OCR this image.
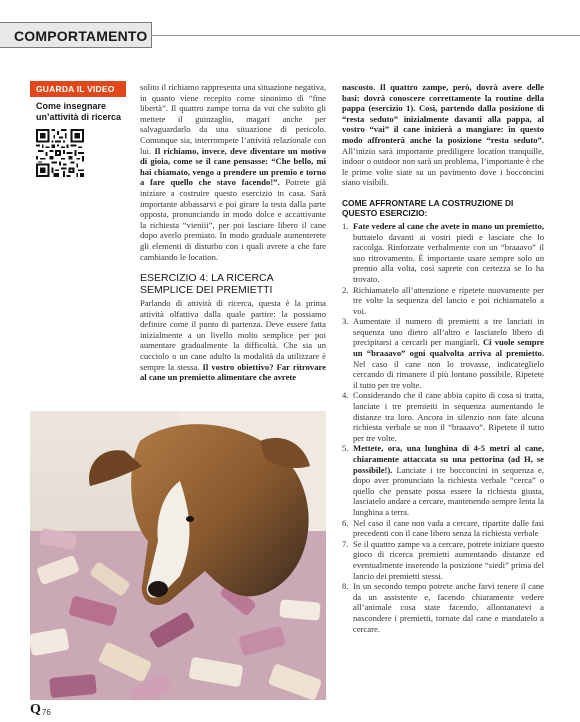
COMPORTAMENTO
GUARDA IL VIDEO
Come insegnare
un’attività di ricerca

solito il richiamo rappresenta una situazione negativa, in quanto viene recepito come sinonimo di “fine libertà”. Il quattro zampe torna da voi che subito gli mettete il guinzaglio, magari anche per salvaguardarlo da una situazione di pericolo. Comunque sia, interrompete l’attività relazionale con lui. Il richiamo, invece, deve diventare un motivo di gioia, come se il cane pensasse: “Che bello, mi hai chiamato, vengo a prendere un premio e torno a fare quello che stavo facendo!”. Potrete già iniziare a costruire questo esercizio in casa. Sarà importante abbassarvi e poi girare la testa dalla parte opposta, pronunciando in modo dolce e accattivante la richiesta “vieniii”, per poi lasciare libero il cane dopo averlo premiato. In modo graduale aumenterete gli elementi di disturbo con i quali avrete a che fare cambiando le location.

ESERCIZIO 4: LA RICERCA SEMPLICE DEI PREMIETTI

Parlando di attività di ricerca, questa è la prima attività olfattiva dalla quale partire: la possiamo definire come il punto di partenza. Deve essere fatta inizialmente a un livello molto semplice per poi aumentare gradualmente la difficoltà. Che sia un cucciolo o un cane adulto la modalità da utilizzare è sempre la stessa. Il vostro obiettivo? Far ritrovare al cane un premietto alimentare che avrete

nascosto. Il quattro zampe, però, dovrà avere delle basi: dovrà conoscere correttamente la routine della pappa (esercizio 1). Così, partendo dalla posizione di “resta seduto” inizialmente davanti alla pappa, al vostro “vai” il cane inizierà a mangiare: in questo modo affronterà anche la posizione “resta seduto”. All’inizio sarà importante prediligere location tranquille, indoor o outdoor non sarà un problema, l’importante è che le prime volte siate su un pavimento dove i bocconcini siano visibili.

COME AFFRONTARE LA COSTRUZIONE DI QUESTO ESERCIZIO:
1. Fate vedere al cane che avete in mano un premietto, buttatelo davanti ai vostri piedi e lasciate che lo raccolga. Rinforzate verbalmente con un “braaavo” il suo ritrovamento. È importante usare sempre solo un premio alla volta, così saprete con certezza se lo ha trovato.
2. Richiamatelo all’attenzione e ripetete nuovamente per tre volte la sequenza del lancio e poi richiamatelo a voi.
3. Aumentate il numero di premietti a tre lanciati in sequenza uno dietro all’altro e lasciatelo libero di precipitarsi a cercarli per mangiarli. Ci vuole sempre un “braaavo” ogni qualvolta arriva al premietto. Nel caso il cane non lo trovasse, indicateglielo cercando di rimanere il più lontano possibile. Ripetete il tutto per tre volte.
4. Considerando che il cane abbia capito di cosa si tratta, lanciate i tre premietti in sequenza aumentando le distanze tra loro. Ancora in silenzio non fate alcuna richiesta verbale se non il “braaavo”. Ripetete il tutto per tre volte.
5. Mettete, ora, una lunghina di 4-5 metri al cane, chiaramente attaccata su una pettorina (ad H, se possibile!). Lanciate i tre bocconcini in sequenza e, dopo aver pronunciato la richiesta verbale “cerca” o quello che pensate possa essere la richiesta giusta, lasciatelo andare a cercare, mantenendo sempre lenta la lunghina a terra.
6. Nel caso il cane non vada a cercare, ripartite dalle fasi precedenti con il cane libero senza la richiesta verbale
7. Se il quattro zampe va a cercare, potrete iniziare questo gioco di ricerca premietti aumentando distanze ed eventualmente inserendo la posizione “siedi” prima del lancio dei premietti stessi.
8. In un secondo tempo potrete anche farvi tenere il cane da un assistente e, facendo chiaramente vedere all’animale cosa state facendo, allontanatevi a nascondere i premietti, tornate dal cane e mandatelo a cercare.
Q 76
